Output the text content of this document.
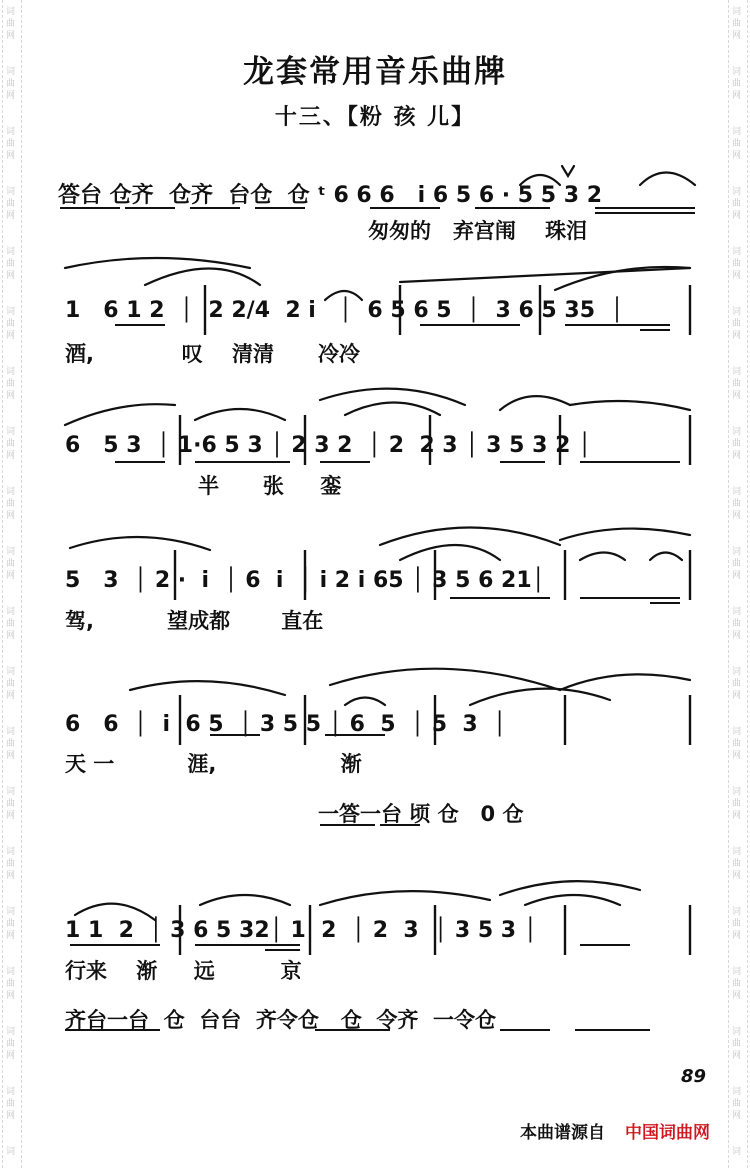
词
曲
网
词
曲
网
词
曲
网
词
曲
网
词
曲
网
词
曲
网
词
曲
网
词
曲
网
词
曲
网
词
曲
网
词
曲
网
词
曲
网
词
曲
网
词
曲
网
词
曲
网
词
曲
网
词
曲
网
词
曲
网
词
曲
网
词
词
曲
网
词
曲
网
词
曲
网
词
曲
网
词
曲
网
词
曲
网
词
曲
网
词
曲
网
词
曲
网
词
曲
网
词
曲
网
词
曲
网
词
曲
网
词
曲
网
词
曲
网
词
曲
网
词
曲
网
词
曲
网
词
曲
网
词
龙套常用音乐曲牌
十三、【粉 孩 儿】
答台 仓齐  仓齐  台仓  仓 ᵗ 6 6 6   i 6 5 6 · 5 5 3 2
匆匆的   弃宫闱    珠泪
1   6 1 2  │  2 2/4  2 i   │  6 5 6 5  │  3 6 5 35  │
酒,            叹    清清      冷冷
6   5 3  │ 1·6 5 3 │ 2 3 2  │ 2  2 3 │ 3 5 3 2 │
半      张     銮
5   3  │ 2 ·  i  │ 6  i  │ i 2 i 65 │ 3 5 6 21│
驾,          望成都       直在
6   6  │  i  6 5  │ 3 5 5 │ 6  5  │ 5  3  │
天 一          涯,                 渐
一答一台 顷 仓   0 仓
1 1  2  │ 3 6 5 32│ 1  2  │ 2  3  │ 3 5 3 │
行来    渐     远         京
齐台一台  仓  台台  齐令仓   仓  令齐  一令仓
89
本曲谱源自 中国词曲网
